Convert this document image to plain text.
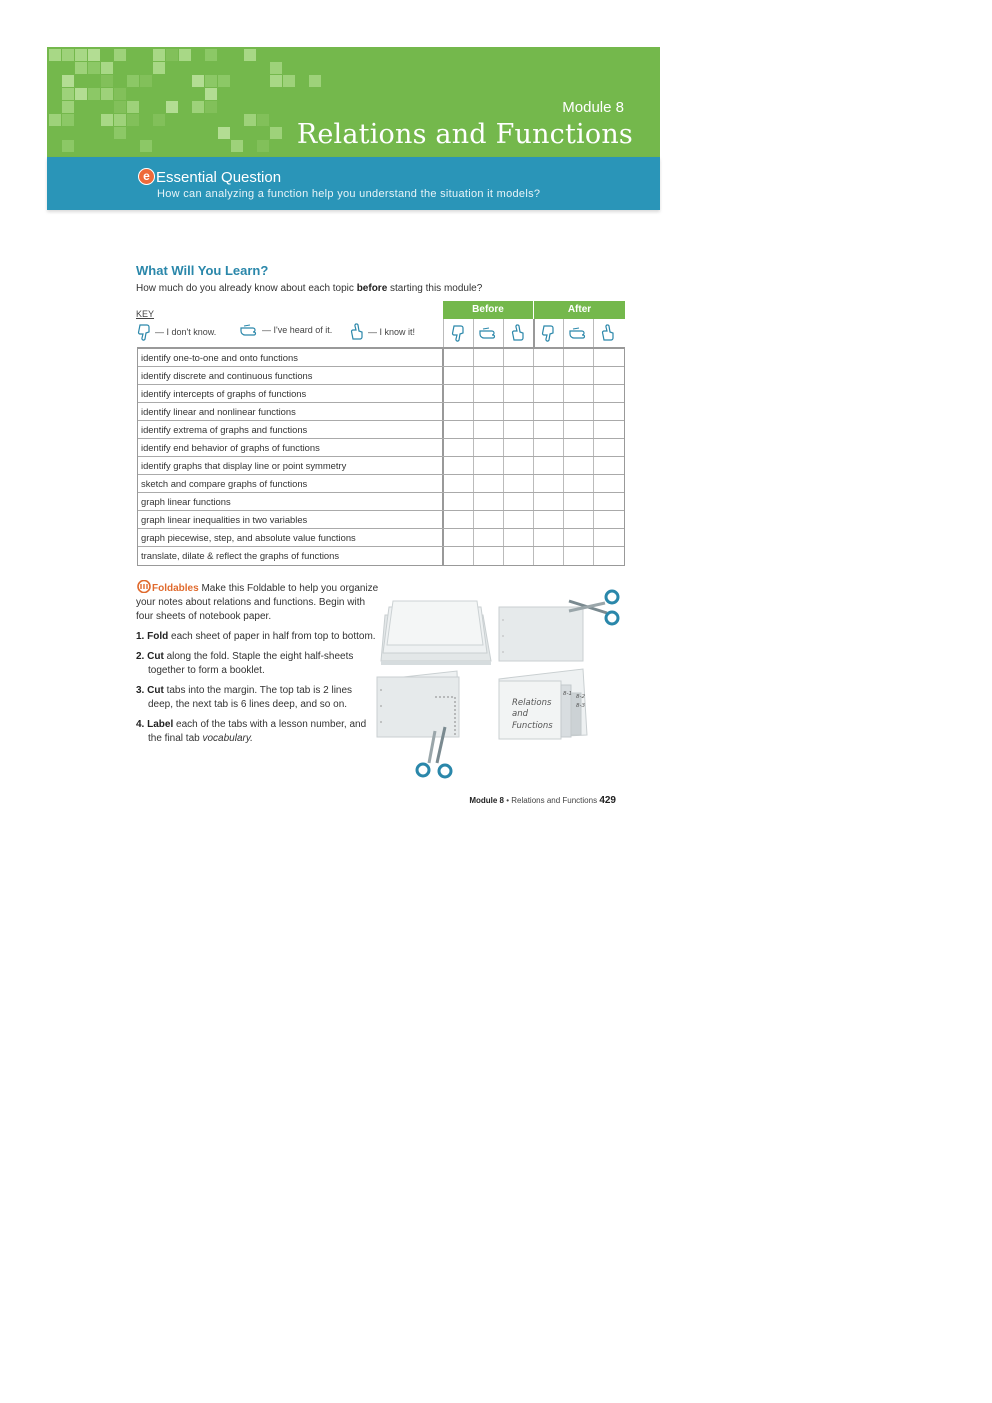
Module 8
Relations and Functions
e Essential Question
How can analyzing a function help you understand the situation it models?
What Will You Learn?
How much do you already know about each topic before starting this module?
KEY
— I don't know.	— I've heard of it.	— I know it!
Before	After
identify one-to-one and onto functions
identify discrete and continuous functions
identify intercepts of graphs of functions
identify linear and nonlinear functions
identify extrema of graphs and functions
identify end behavior of graphs of functions
identify graphs that display line or point symmetry
sketch and compare graphs of functions
graph linear functions
graph linear inequalities in two variables
graph piecewise, step, and absolute value functions
translate, dilate & reflect the graphs of functions
Foldables Make this Foldable to help you organize your notes about relations and functions. Begin with four sheets of notebook paper.
1. Fold each sheet of paper in half from top to bottom.
2. Cut along the fold. Staple the eight half-sheets together to form a booklet.
3. Cut tabs into the margin. The top tab is 2 lines deep, the next tab is 6 lines deep, and so on.
4. Label each of the tabs with a lesson number, and the final tab vocabulary.
Relations
and
Functions
8-1 8-2
8-3
Module 8 • Relations and Functions 429
